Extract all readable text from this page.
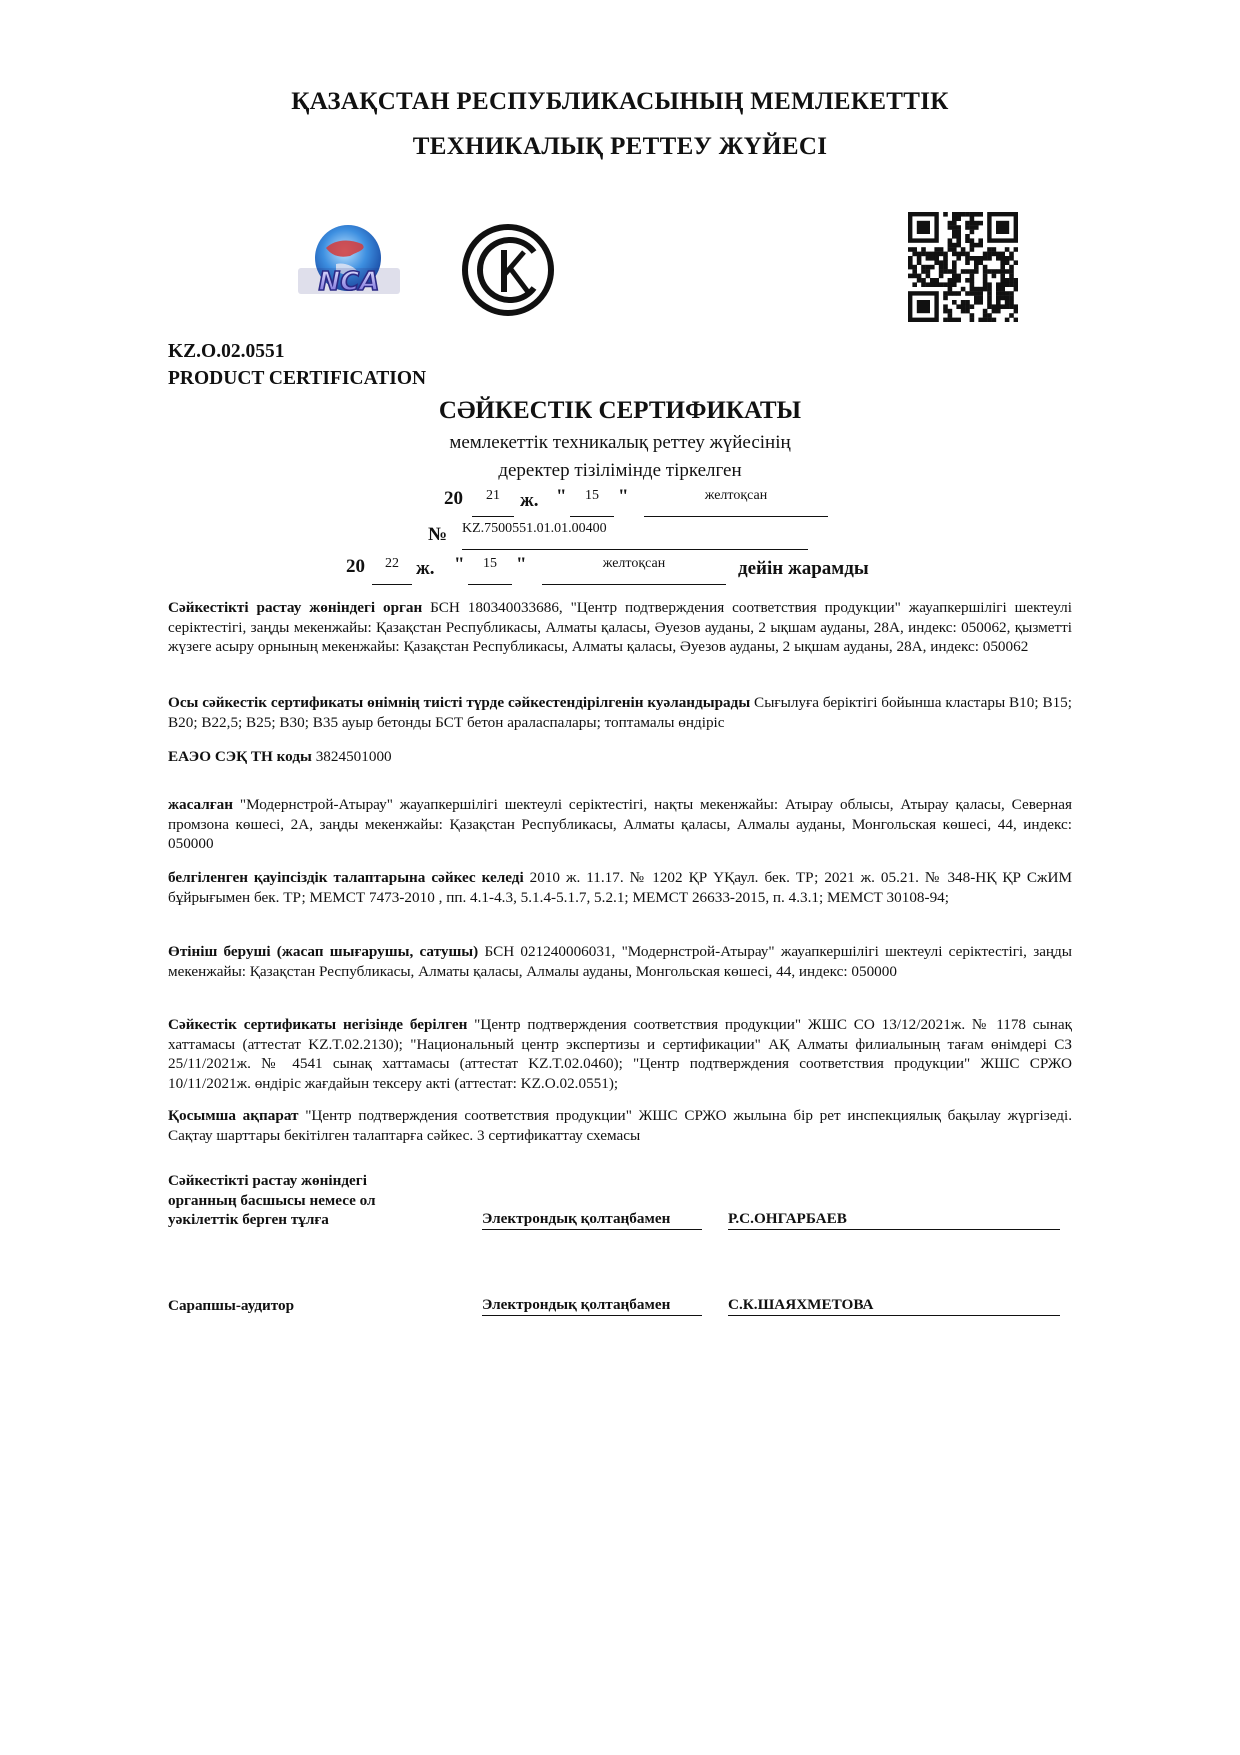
ҚАЗАҚСТАН РЕСПУБЛИКАСЫНЫҢ МЕМЛЕКЕТТІК
ТЕХНИКАЛЫҚ РЕТТЕУ ЖҮЙЕСІ
NCA
KZ.O.02.0551
PRODUCT CERTIFICATION
СӘЙКЕСТІК СЕРТИФИКАТЫ
мемлекеттік техникалық реттеу жүйесінің
деректер тізілімінде тіркелген
20	21	ж. "	15	"	желтоқсан
№ KZ.7500551.01.01.00400
20	22 ж. "	15	"	желтоқсан	дейін жарамды
Сәйкестікті растау жөніндегі орган БСН 180340033686, "Центр подтверждения соответствия продукции" жауапкершілігі шектеулі серіктестігі, заңды мекенжайы: Қазақстан Республикасы, Алматы қаласы, Әуезов ауданы, 2 ықшам ауданы, 28А, индекс: 050062, қызметті жүзеге асыру орнының мекенжайы: Қазақстан Республикасы, Алматы қаласы, Әуезов ауданы, 2 ықшам ауданы, 28А, индекс: 050062
Осы сәйкестік сертификаты өнімнің тиісті түрде сәйкестендірілгенін куәландырады Сығылуға беріктігі бойынша кластары В10; В15; В20; В22,5; В25; В30; В35 ауыр бетонды БСТ бетон араласпалары; топтамалы өндіріс
ЕАЭО СЭҚ ТН коды 3824501000
жасалған "Модернстрой-Атырау" жауапкершілігі шектеулі серіктестігі, нақты мекенжайы: Атырау облысы, Атырау қаласы, Северная промзона көшесі, 2А, заңды мекенжайы: Қазақстан Республикасы, Алматы қаласы, Алмалы ауданы, Монгольская көшесі, 44, индекс: 050000
белгіленген қауіпсіздік талаптарына сәйкес келеді 2010 ж. 11.17. № 1202 ҚР ҮҚаул. бек. ТР; 2021 ж. 05.21. № 348-НҚ ҚР СжИМ бұйрығымен бек. ТР; МЕМСТ 7473-2010 , пп. 4.1-4.3, 5.1.4-5.1.7, 5.2.1; МЕМСТ 26633-2015, п. 4.3.1; МЕМСТ 30108-94;
Өтініш беруші (жасап шығарушы, сатушы) БСН 021240006031, "Модернстрой-Атырау" жауапкершілігі шектеулі серіктестігі, заңды мекенжайы: Қазақстан Республикасы, Алматы қаласы, Алмалы ауданы, Монгольская көшесі, 44, индекс: 050000
Сәйкестік сертификаты негізінде берілген "Центр подтверждения соответствия продукции" ЖШС СО 13/12/2021ж. № 1178 сынақ хаттамасы (аттестат KZ.T.02.2130); "Национальный центр экспертизы и сертификации" АҚ Алматы филиалының тағам өнімдері СЗ 25/11/2021ж. № 4541 сынақ хаттамасы (аттестат KZ.T.02.0460); "Центр подтверждения соответствия продукции" ЖШС СРЖО 10/11/2021ж. өндіріс жағдайын тексеру акті (аттестат: KZ.O.02.0551);
Қосымша ақпарат "Центр подтверждения соответствия продукции" ЖШС СРЖО жылына бір рет инспекциялық бақылау жүргізеді. Сақтау шарттары бекітілген талаптарға сәйкес. 3 сертификаттау схемасы
Сәйкестікті растау жөніндегі
органның басшысы немесе ол
уәкілеттік берген тұлға	Электрондық қолтаңбамен	Р.С.ОНГАРБАЕВ
Сарапшы-аудитор	Электрондық қолтаңбамен	С.К.ШАЯХМЕТОВА
